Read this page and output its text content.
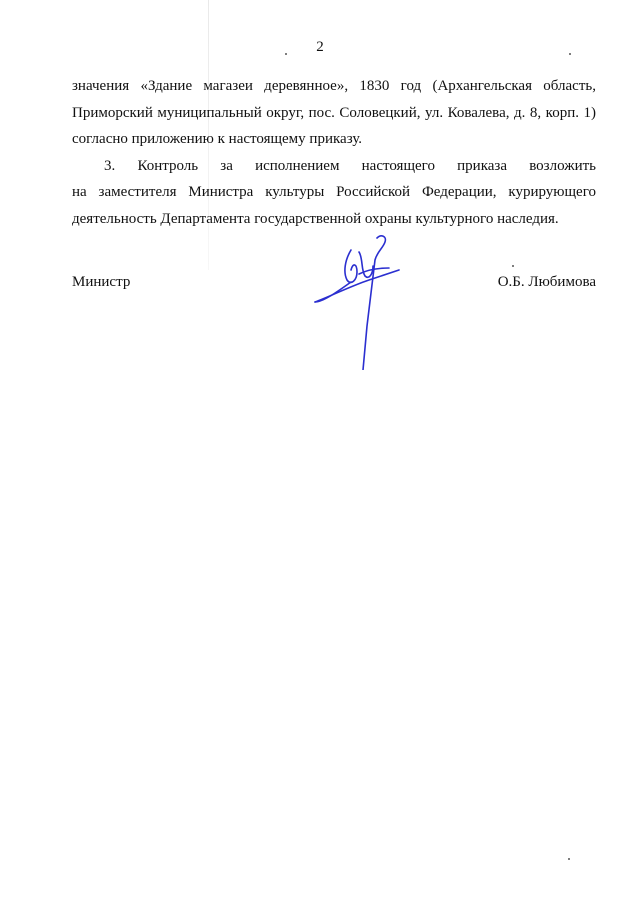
2

значения «Здание магазеи деревянное», 1830 год (Архангельская область,
Приморский муниципальный округ, пос. Соловецкий, ул. Ковалева, д. 8, корп. 1)
согласно приложению к настоящему приказу.

3. Контроль за исполнением настоящего приказа возложить
на заместителя Министра культуры Российской Федерации, курирующего
деятельность Департамента государственной охраны культурного наследия.

Министр	О.Б. Любимова
